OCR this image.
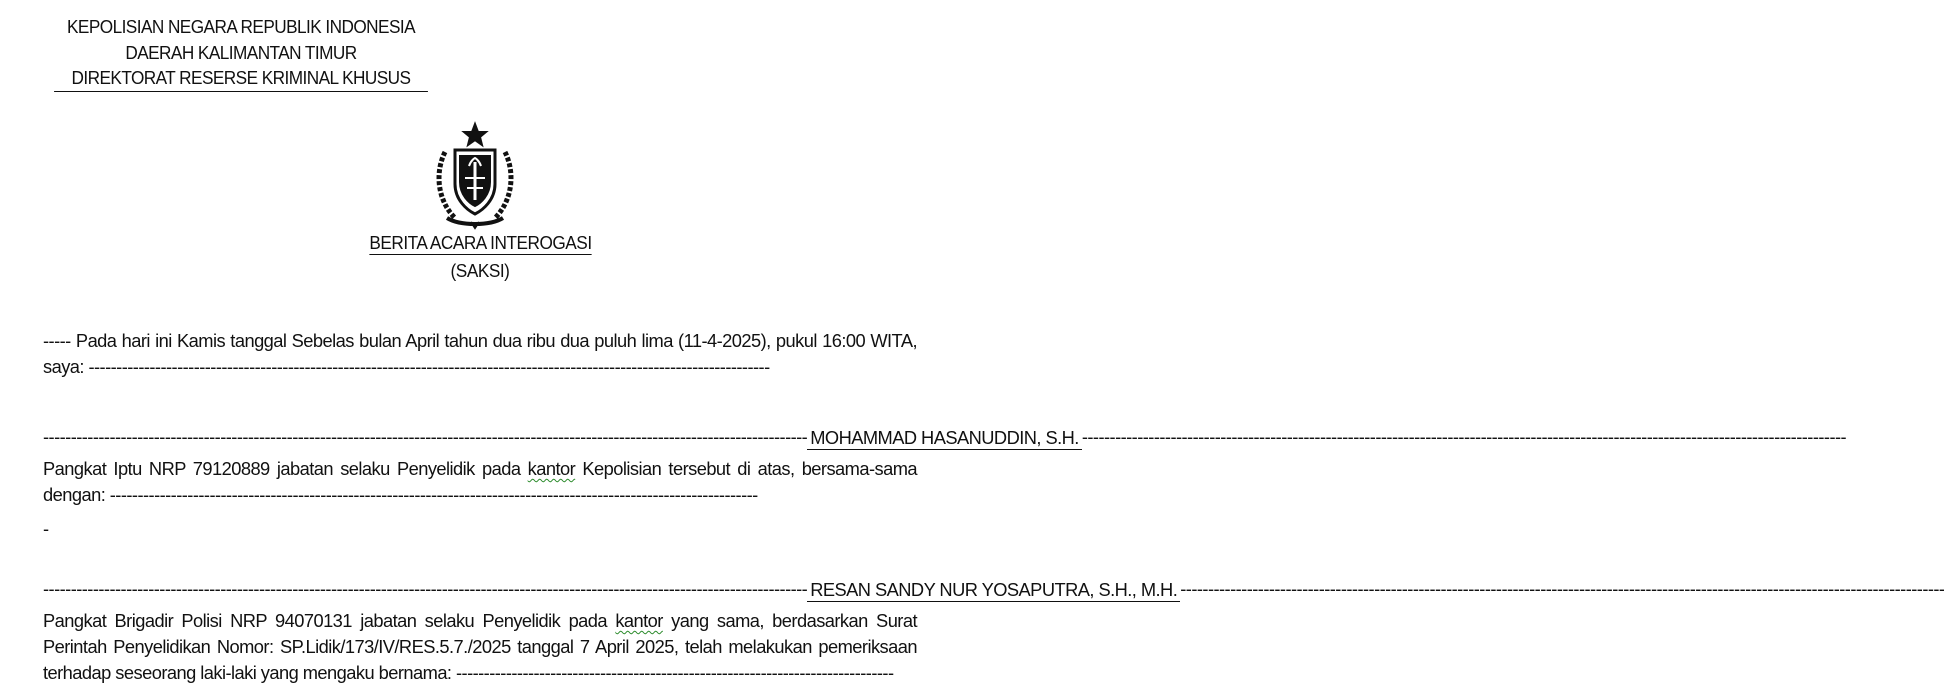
KEPOLISIAN NEGARA REPUBLIK INDONESIA
DAERAH KALIMANTAN TIMUR
DIREKTORAT RESERSE KRIMINAL KHUSUS
BERITA ACARA INTEROGASI
(SAKSI)
----- Pada hari ini Kamis tanggal Sebelas bulan April tahun dua ribu dua puluh lima (11-4-2025), pukul 16:00 WITA, saya: ---------------------------------------------------------------------------------------------------------------------------
------------------------------------------------------------------------------------------------------------------------------------------ MOHAMMAD HASANUDDIN, S.H. ------------------------------------------------------------------------------------------------------------------------------------------
Pangkat Iptu NRP 79120889 jabatan selaku Penyelidik pada kantor Kepolisian tersebut di atas, bersama-sama dengan: ---------------------------------------------------------------------------------------------------------------------
-
------------------------------------------------------------------------------------------------------------------------------------------ RESAN SANDY NUR YOSAPUTRA, S.H., M.H. ------------------------------------------------------------------------------------------------------------------------------------------
Pangkat Brigadir Polisi NRP 94070131 jabatan selaku Penyelidik pada kantor yang sama, berdasarkan Surat Perintah Penyelidikan Nomor: SP.Lidik/173/IV/RES.5.7./2025 tanggal 7 April 2025, telah melakukan pemeriksaan terhadap seseorang laki-laki yang mengaku bernama: -------------------------------------------------------------------------------
